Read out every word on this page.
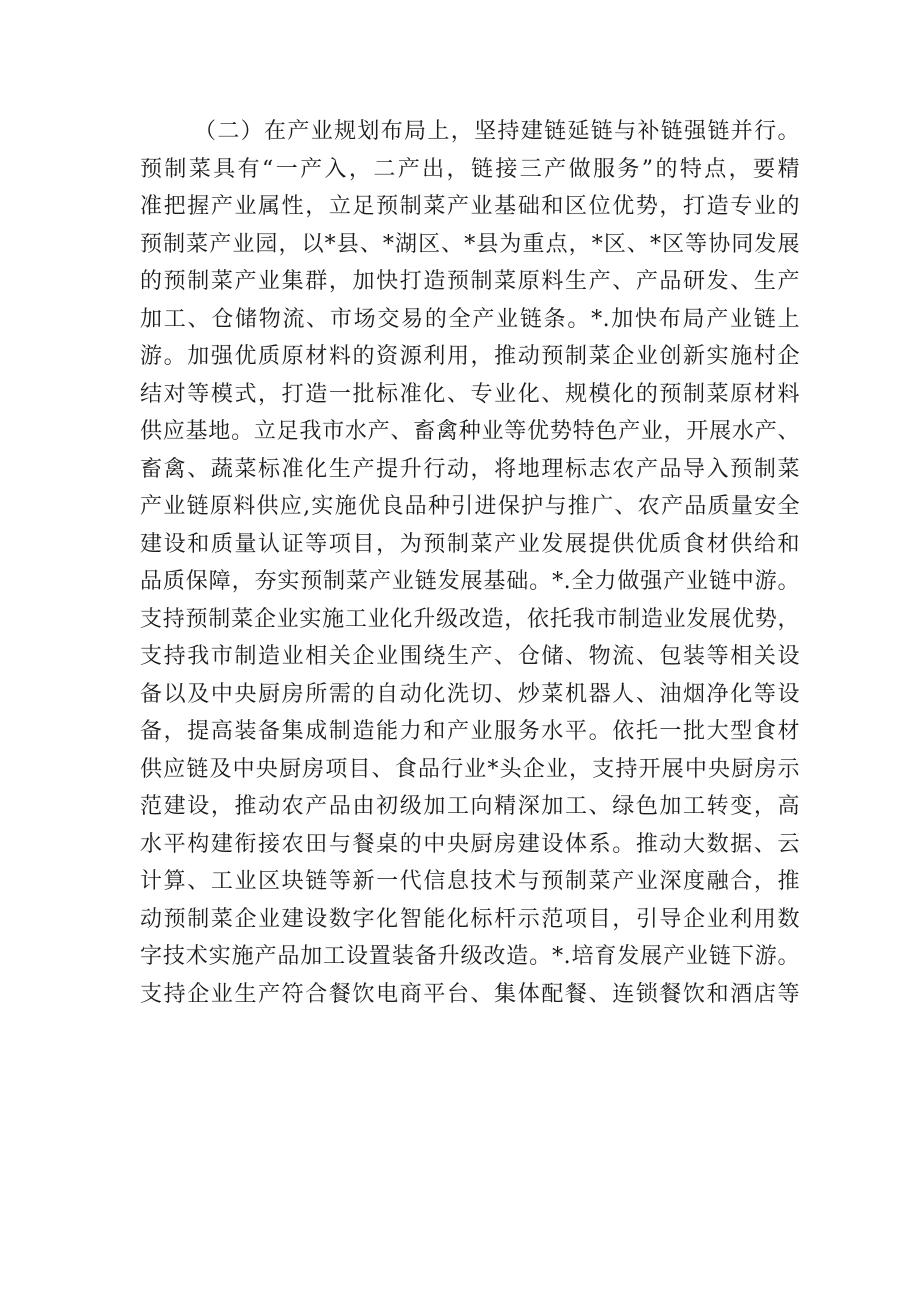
（二）在产业规划布局上，坚持建链延链与补链强链并行。
预制菜具有“一产入，二产出，链接三产做服务”的特点，要精
准把握产业属性，立足预制菜产业基础和区位优势，打造专业的
预制菜产业园，以*县、*湖区、*县为重点，*区、*区等协同发展
的预制菜产业集群，加快打造预制菜原料生产、产品研发、生产
加工、仓储物流、市场交易的全产业链条。*.加快布局产业链上
游。加强优质原材料的资源利用，推动预制菜企业创新实施村企
结对等模式，打造一批标准化、专业化、规模化的预制菜原材料
供应基地。立足我市水产、畜禽种业等优势特色产业，开展水产、
畜禽、蔬菜标准化生产提升行动，将地理标志农产品导入预制菜
产业链原料供应,实施优良品种引进保护与推广、农产品质量安全
建设和质量认证等项目，为预制菜产业发展提供优质食材供给和
品质保障，夯实预制菜产业链发展基础。*.全力做强产业链中游。
支持预制菜企业实施工业化升级改造，依托我市制造业发展优势，
支持我市制造业相关企业围绕生产、仓储、物流、包装等相关设
备以及中央厨房所需的自动化洗切、炒菜机器人、油烟净化等设
备，提高装备集成制造能力和产业服务水平。依托一批大型食材
供应链及中央厨房项目、食品行业*头企业，支持开展中央厨房示
范建设，推动农产品由初级加工向精深加工、绿色加工转变，高
水平构建衔接农田与餐桌的中央厨房建设体系。推动大数据、云
计算、工业区块链等新一代信息技术与预制菜产业深度融合，推
动预制菜企业建设数字化智能化标杆示范项目，引导企业利用数
字技术实施产品加工设置装备升级改造。*.培育发展产业链下游。
支持企业生产符合餐饮电商平台、集体配餐、连锁餐饮和酒店等
